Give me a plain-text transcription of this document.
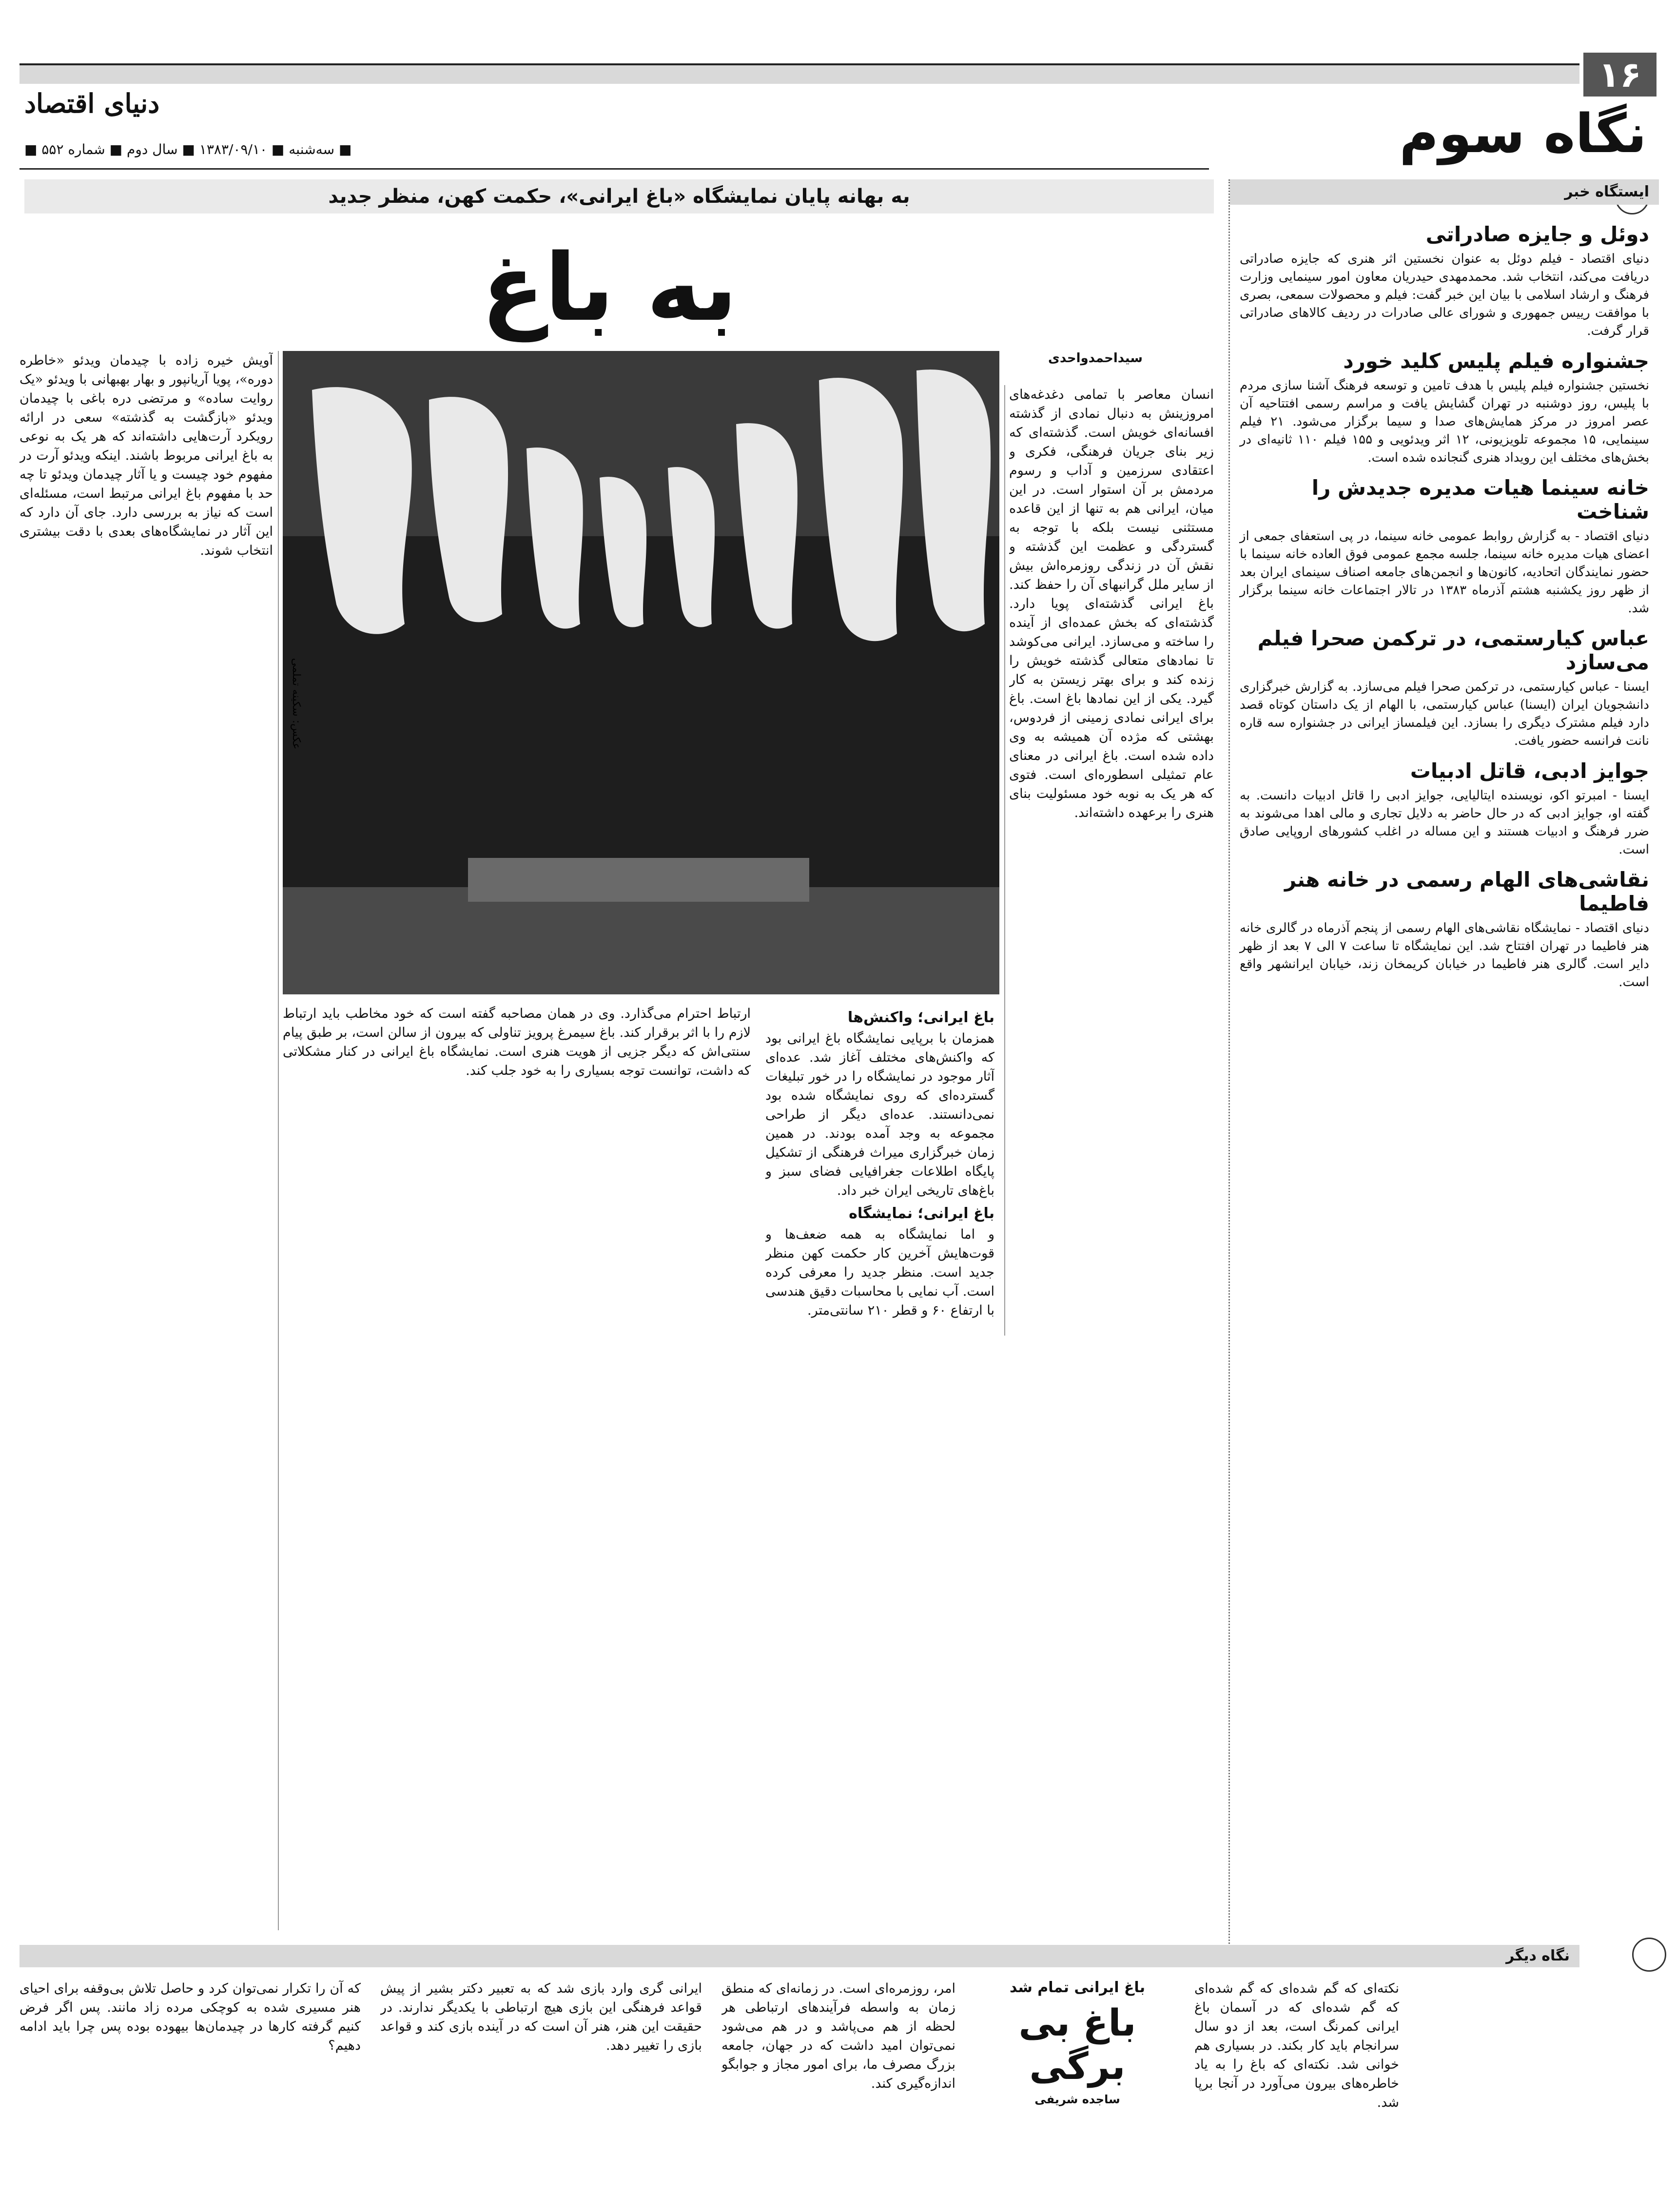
۱۶
دنیای اقتصاد	نگاه سوم
■ سه‌شنبه ■ ۱۳۸۳/۰۹/۱۰ ■ سال دوم ■ شماره ۵۵۲ ■
به بهانه پایان نمایشگاه «باغ ایرانی»، حکمت کهن، منظر جدید
به باغ
سیداحمدواحدی
عکس: سکینه تملمی
انسان معاصر با تمامی دغدغه‌های امروزینش به دنبال نمادی از گذشته افسانه‌ای خویش است. گذشته‌ای که زیر بنای جریان فرهنگی، فکری و اعتقادی سرزمین و آداب و رسوم مردمش بر آن استوار است. در این میان، ایرانی هم به تنها از این قاعده مستثنی نیست بلکه با توجه به گستردگی و عظمت این گذشته و نقش آن در زندگی روزمره‌اش بیش از سایر ملل گرانبهای آن را حفظ کند. باغ ایرانی گذشته‌ای پویا دارد. گذشته‌ای که بخش عمده‌ای از آینده را ساخته و می‌سازد. ایرانی می‌کوشد تا نمادهای متعالی گذشته خویش را زنده کند و برای بهتر زیستن به کار گیرد. یکی از این نمادها باغ است. باغ برای ایرانی نمادی زمینی از فردوس، بهشتی که مژده آن همیشه به وی داده شده است. باغ ایرانی در معنای عام تمثیلی اسطوره‌ای است. فتوی که هر یک به نوبه خود مسئولیت بنای هنری را برعهده داشته‌اند.
باغ ایرانی؛ واکنش‌ها
همزمان با برپایی نمایشگاه باغ ایرانی بود که واکنش‌های مختلف آغاز شد. عده‌ای آثار موجود در نمایشگاه را در خور تبلیغات گسترده‌ای که روی نمایشگاه شده بود نمی‌دانستند. عده‌ای دیگر از طراحی مجموعه به وجد آمده بودند. در همین زمان خبرگزاری میراث فرهنگی از تشکیل پایگاه اطلاعات جغرافیایی فضای سبز و باغ‌های تاریخی ایران خبر داد.
باغ ایرانی؛ نمایشگاه
و اما نمایشگاه به همه ضعف‌ها و قوت‌هایش آخرین کار حکمت کهن منظر جدید است. منظر جدید را معرفی کرده است. آب نمایی با محاسبات دقیق هندسی با ارتفاع ۶۰ و قطر ۲۱۰ سانتی‌متر.
ارتباط احترام می‌گذارد. وی در همان مصاحبه گفته است که خود مخاطب باید ارتباط لازم را با اثر برقرار کند. باغ سیمرغ پرویز تناولی که بیرون از سالن است، بر طبق پیام سنتی‌اش که دیگر جزیی از هویت هنری است. نمایشگاه باغ ایرانی در کنار مشکلاتی که داشت، توانست توجه بسیاری را به خود جلب کند.
آویش خیره زاده با چیدمان ویدئو «خاطره دوره»، پویا آریانپور و بهار بهبهانی با ویدئو «یک روایت ساده» و مرتضی دره باغی با چیدمان ویدئو «بازگشت به گذشته» سعی در ارائه رویکرد آرت‌هایی داشته‌اند که هر یک به نوعی به باغ ایرانی مربوط باشند. اینکه ویدئو آرت در مفهوم خود چیست و یا آثار چیدمان ویدئو تا چه حد با مفهوم باغ ایرانی مرتبط است، مسئله‌ای است که نیاز به بررسی دارد. جای آن دارد که این آثار در نمایشگاه‌های بعدی با دقت بیشتری انتخاب شوند.
ایستگاه خبر
دوئل و جایزه صادراتی
دنیای اقتصاد - فیلم دوئل به عنوان نخستین اثر هنری که جایزه صادراتی دریافت می‌کند، انتخاب شد. محمدمهدی حیدریان معاون امور سینمایی وزارت فرهنگ و ارشاد اسلامی با بیان این خبر گفت: فیلم و محصولات سمعی، بصری با موافقت رییس جمهوری و شورای عالی صادرات در ردیف کالاهای صادراتی قرار گرفت.
جشنواره فیلم پلیس کلید خورد
نخستین جشنواره فیلم پلیس با هدف تامین و توسعه فرهنگ آشنا سازی مردم با پلیس، روز دوشنبه در تهران گشایش یافت و مراسم رسمی افتتاحیه آن عصر امروز در مرکز همایش‌های صدا و سیما برگزار می‌شود. ۲۱ فیلم سینمایی، ۱۵ مجموعه تلویزیونی، ۱۲ اثر ویدئویی و ۱۵۵ فیلم ۱۱۰ ثانیه‌ای در بخش‌های مختلف این رویداد هنری گنجانده شده است.
خانه سینما هیات مدیره جدیدش را شناخت
دنیای اقتصاد - به گزارش روابط عمومی خانه سینما، در پی استعفای جمعی از اعضای هیات مدیره خانه سینما، جلسه مجمع عمومی فوق العاده خانه سینما با حضور نمایندگان اتحادیه، کانون‌ها و انجمن‌های جامعه اصناف سینمای ایران بعد از ظهر روز یکشنبه هشتم آذرماه ۱۳۸۳ در تالار اجتماعات خانه سینما برگزار شد.
عباس کیارستمی، در ترکمن صحرا فیلم می‌سازد
ایسنا - عباس کیارستمی، در ترکمن صحرا فیلم می‌سازد. به گزارش خبرگزاری دانشجویان ایران (ایسنا) عباس کیارستمی، با الهام از یک داستان کوتاه قصد دارد فیلم مشترک دیگری را بسازد. این فیلمساز ایرانی در جشنواره سه قاره نانت فرانسه حضور یافت.
جوایز ادبی، قاتل ادبیات
ایسنا - امبرتو اکو، نویسنده ایتالیایی، جوایز ادبی را قاتل ادبیات دانست. به گفته او، جوایز ادبی که در حال حاضر به دلایل تجاری و مالی اهدا می‌شوند به ضرر فرهنگ و ادبیات هستند و این مساله در اغلب کشورهای اروپایی صادق است.
نقاشی‌های الهام رسمی در خانه هنر فاطیما
دنیای اقتصاد - نمایشگاه نقاشی‌های الهام رسمی از پنجم آذرماه در گالری خانه هنر فاطیما در تهران افتتاح شد. این نمایشگاه تا ساعت ۷ الی ۷ بعد از ظهر دایر است. گالری هنر فاطیما در خیابان کریمخان زند، خیابان ایرانشهر واقع است.
نگاه دیگر
باغ ایرانی تمام شد
باغ بی برگی
ساجده شریفی
نکته‌ای که گم شده‌ای که گم شده‌ای که گم شده‌ای که در آسمان باغ ایرانی کمرنگ است، بعد از دو سال سرانجام باید کار بکند. در بسیاری هم خوانی شد. نکته‌ای که باغ را به یاد خاطره‌های بیرون می‌آورد در آنجا برپا شد.
امر، روزمره‌ای است. در زمانه‌ای که منطق زمان به واسطه فرآیندهای ارتباطی هر لحظه از هم می‌پاشد و در هم می‌شود نمی‌توان امید داشت که در جهان، جامعه بزرگ مصرف ما، برای امور مجاز و جوابگو اندازه‌گیری کند.
ایرانی گری وارد بازی شد که به تعبیر دکتر بشیر از پیش قواعد فرهنگی این بازی هیچ ارتباطی با یکدیگر ندارند. در حقیقت این هنر، هنر آن است که در آینده بازی کند و قواعد بازی را تغییر دهد.
که آن را تکرار نمی‌توان کرد و حاصل تلاش بی‌وقفه برای احیای هنر مسیری شده به کوچکی مرده زاد مانند. پس اگر فرض کنیم گرفته کارها در چیدمان‌ها بیهوده بوده پس چرا باید ادامه دهیم؟
